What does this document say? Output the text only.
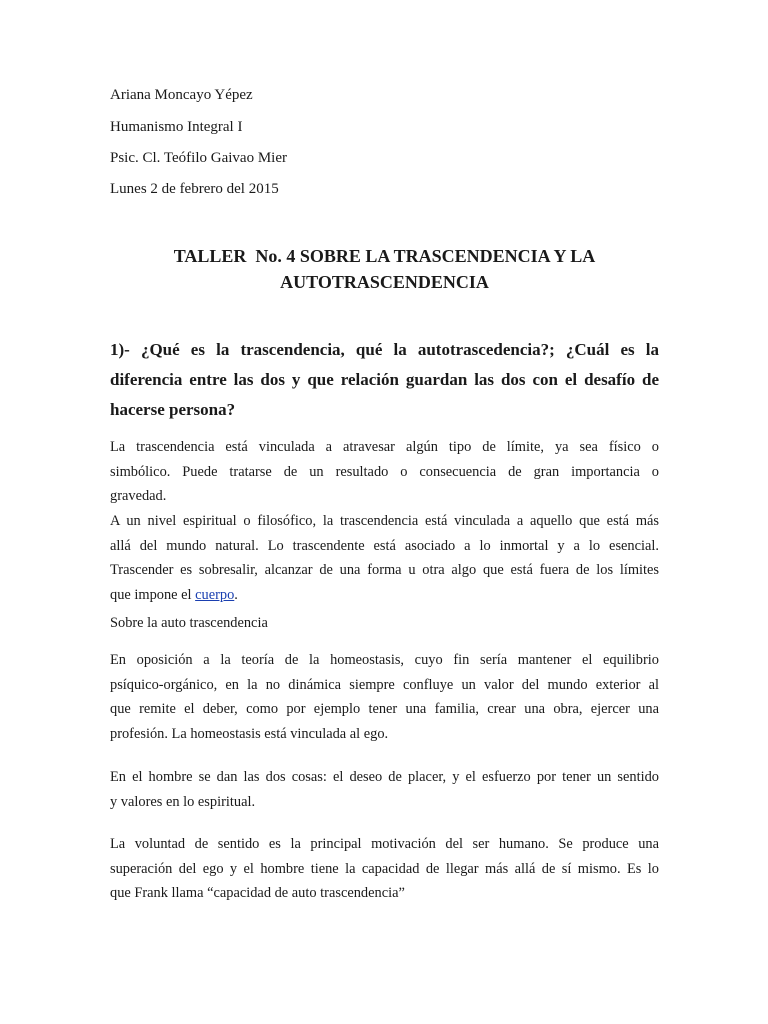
Ariana Moncayo Yépez
Humanismo Integral I
Psic. Cl. Teófilo Gaivao Mier
Lunes 2 de febrero del 2015
TALLER  No. 4 SOBRE LA TRASCENDENCIA Y LA
AUTOTRASCENDENCIA
1)- ¿Qué es la trascendencia, qué la autotrascedencia?; ¿Cuál es la
diferencia entre las dos y que relación guardan las dos con el desafío de
hacerse persona?
La trascendencia está vinculada a atravesar algún tipo de límite, ya sea físico o
simbólico. Puede tratarse de un resultado o consecuencia de gran importancia o
gravedad.
A un nivel espiritual o filosófico, la trascendencia está vinculada a aquello que está más
allá del mundo natural. Lo trascendente está asociado a lo inmortal y a lo esencial.
Trascender es sobresalir, alcanzar de una forma u otra algo que está fuera de los límites
que impone el cuerpo.
Sobre la auto trascendencia
En oposición a la teoría de la homeostasis, cuyo fin sería mantener el equilibrio
psíquico-orgánico, en la no dinámica siempre confluye un valor del mundo exterior al
que remite el deber, como por ejemplo tener una familia, crear una obra, ejercer una
profesión. La homeostasis está vinculada al ego.
En el hombre se dan las dos cosas: el deseo de placer, y el esfuerzo por tener un sentido
y valores en lo espiritual.
La voluntad de sentido es la principal motivación del ser humano. Se produce una
superación del ego y el hombre tiene la capacidad de llegar más allá de sí mismo. Es lo
que Frank llama “capacidad de auto trascendencia”
